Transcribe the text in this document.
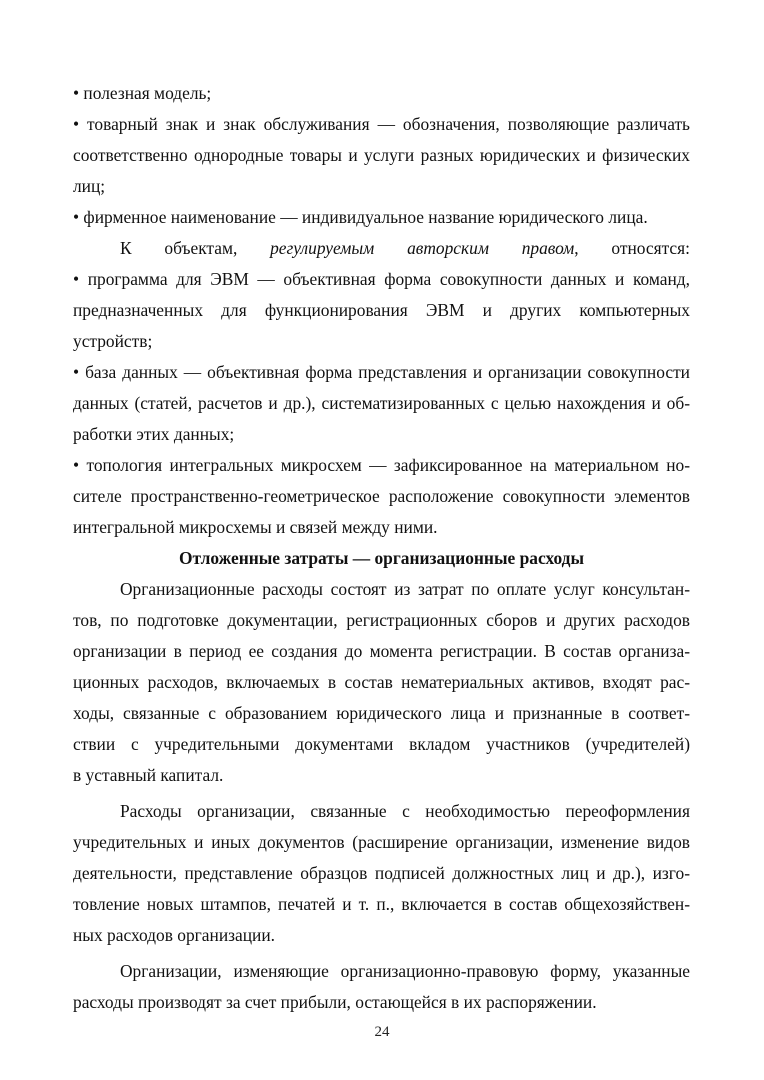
• полезная модель;
• товарный знак и знак обслуживания — обозначения, позволяющие различать
соответственно однородные товары и услуги разных юридических и физических
лиц;
• фирменное наименование — индивидуальное название юридического лица.
К объектам, регулируемым авторским правом, относятся:
• программа для ЭВМ — объективная форма совокупности данных и команд,
предназначенных для функционирования ЭВМ и других компьютерных
устройств;
• база данных — объективная форма представления и организации совокупности
данных (статей, расчетов и др.), систематизированных с целью нахождения и об-
работки этих данных;
• топология интегральных микросхем — зафиксированное на материальном но-
сителе пространственно-геометрическое расположение совокупности элементов
интегральной микросхемы и связей между ними.
Отложенные затраты — организационные расходы
Организационные расходы состоят из затрат по оплате услуг консультан-
тов, по подготовке документации, регистрационных сборов и других расходов
организации в период ее создания до момента регистрации. В состав организа-
ционных расходов, включаемых в состав нематериальных активов, входят рас-
ходы, связанные с образованием юридического лица и признанные в соответ-
ствии с учредительными документами вкладом участников (учредителей)
в уставный капитал.
Расходы организации, связанные с необходимостью переоформления
учредительных и иных документов (расширение организации, изменение видов
деятельности, представление образцов подписей должностных лиц и др.), изго-
товление новых штампов, печатей и т. п., включается в состав общехозяйствен-
ных расходов организации.
Организации, изменяющие организационно-правовую форму, указанные
расходы производят за счет прибыли, остающейся в их распоряжении.
24
